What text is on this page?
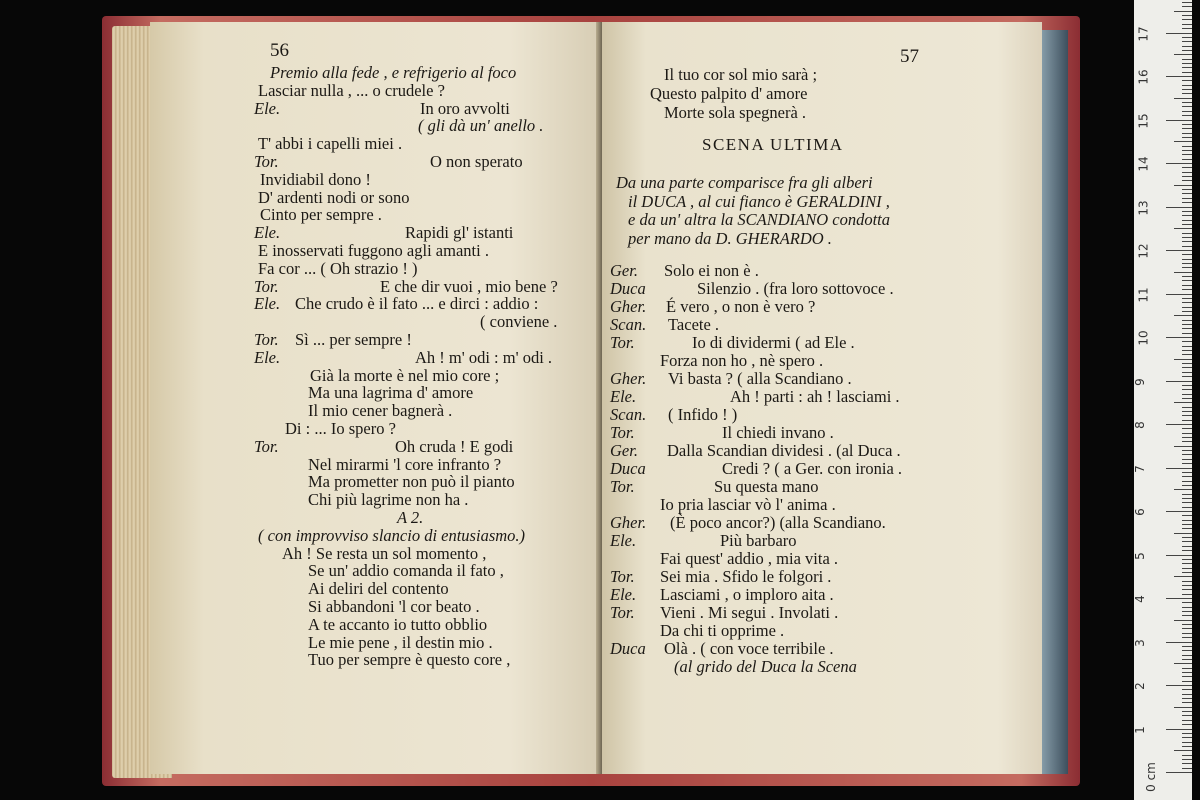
56
Premio alla fede , e refrigerio al foco
Lasciar nulla , ... o crudele ?
Ele.	In oro avvolti
( gli dà un' anello .
T' abbi i capelli miei .
Tor.	O non sperato
Invidiabil dono !
D' ardenti nodi or sono
Cinto per sempre .
Ele.	Rapidi gl' istanti
E inosservati fuggono agli amanti .
Fa cor ... ( Oh strazio ! )
Tor.	E che dir vuoi , mio bene ?
Ele. Che crudo è il fato ... e dirci : addio :
( conviene .
Tor. Sì ... per sempre !
Ele.	Ah ! m' odi : m' odi .
Già la morte è nel mio core ;
Ma una lagrima d' amore
Il mio cener bagnerà .
Di : ... Io spero ?
Tor.	Oh cruda ! E godi
Nel mirarmi 'l core infranto ?
Ma prometter non può il pianto
Chi più lagrime non ha .
A 2.
( con improvviso slancio di entusiasmo.)
Ah ! Se resta un sol momento ,
Se un' addio comanda il fato ,
Ai deliri del contento
Si abbandoni 'l cor beato .
A te accanto io tutto obblio
Le mie pene , il destin mio .
Tuo per sempre è questo core ,
57
Il tuo cor sol mio sarà ;
Questo palpito d' amore
Morte sola spegnerà .
SCENA ULTIMA
Da una parte comparisce fra gli alberi
il DUCA , al cui fianco è GERALDINI ,
e da un' altra la SCANDIANO condotta
per mano da D. GHERARDO .
Ger. Solo ei non è .
Duca	Silenzio . (fra loro sottovoce .
Gher. É vero , o non è vero ?
Scan. Tacete .
Tor.	Io di dividermi ( ad Ele .
Forza non ho , nè spero .
Gher. Vi basta ? ( alla Scandiano .
Ele.	Ah ! parti : ah ! lasciami .
Scan. ( Infido ! )
Tor.	Il chiedi invano .
Ger. Dalla Scandian dividesi . (al Duca .
Duca	Credi ? ( a Ger. con ironia .
Tor.	Su questa mano
Io pria lasciar vò l' anima .
Gher. (È poco ancor?) (alla Scandiano.
Ele.	Più barbaro
Fai quest' addio , mia vita .
Tor. Sei mia . Sfido le folgori .
Ele. Lasciami , o imploro aita .
Tor. Vieni . Mi segui . Involati .
Da chi ti opprime .
Duca Olà . ( con voce terribile .
(al grido del Duca la Scena
0 cm
1
2
3
4
5
6
7
8
9
10
11
12
13
14
15
16
17
